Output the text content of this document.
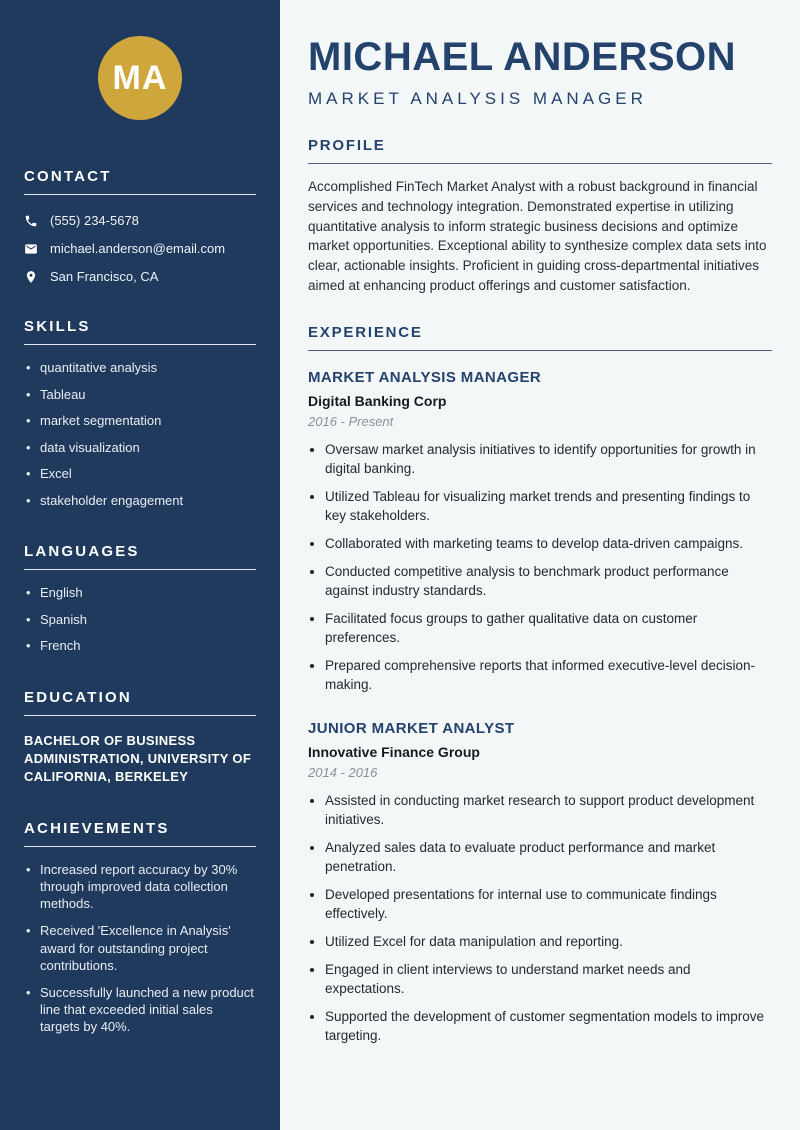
MA
CONTACT
(555) 234-5678
michael.anderson@email.com
San Francisco, CA
SKILLS
• quantitative analysis
• Tableau
• market segmentation
• data visualization
• Excel
• stakeholder engagement
LANGUAGES
• English
• Spanish
• French
EDUCATION

BACHELOR OF BUSINESS ADMINISTRATION, UNIVERSITY OF CALIFORNIA, BERKELEY

ACHIEVEMENTS
• Increased report accuracy by 30% through improved data collection methods.
• Received 'Excellence in Analysis' award for outstanding project contributions.
• Successfully launched a new product line that exceeded initial sales targets by 40%.
MICHAEL ANDERSON
MARKET ANALYSIS MANAGER
PROFILE

Accomplished FinTech Market Analyst with a robust background in financial services and technology integration. Demonstrated expertise in utilizing quantitative analysis to inform strategic business decisions and optimize market opportunities. Exceptional ability to synthesize complex data sets into clear, actionable insights. Proficient in guiding cross-departmental initiatives aimed at enhancing product offerings and customer satisfaction.

EXPERIENCE
MARKET ANALYSIS MANAGER
Digital Banking Corp
2016 - Present
• Oversaw market analysis initiatives to identify opportunities for growth in digital banking.
• Utilized Tableau for visualizing market trends and presenting findings to key stakeholders.
• Collaborated with marketing teams to develop data-driven campaigns.
• Conducted competitive analysis to benchmark product performance against industry standards.
• Facilitated focus groups to gather qualitative data on customer preferences.
• Prepared comprehensive reports that informed executive-level decision-making.
JUNIOR MARKET ANALYST
Innovative Finance Group
2014 - 2016
• Assisted in conducting market research to support product development initiatives.
• Analyzed sales data to evaluate product performance and market penetration.
• Developed presentations for internal use to communicate findings effectively.
• Utilized Excel for data manipulation and reporting.
• Engaged in client interviews to understand market needs and expectations.
• Supported the development of customer segmentation models to improve targeting.
